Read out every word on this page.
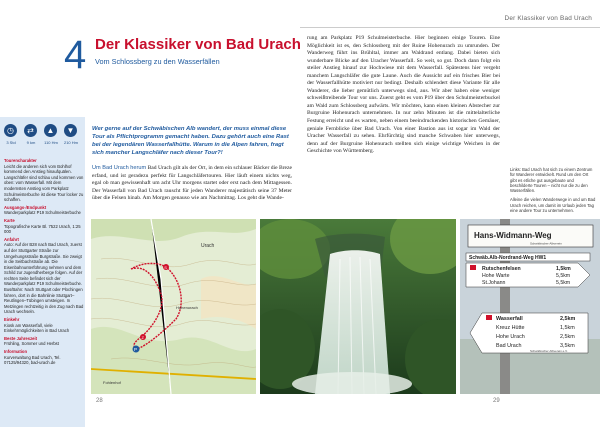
4 Der Klassiker von Bad Urach
Vom Schlossberg zu den Wasserfällen
◷
3 Std
⇄
9 km
▲
110 Hm
▼
210 Hm
Tourencharakter
Leicht die anderen sich vom Bohlhof kommend den Anstieg hinaufquälen. Langschläfer sind schlau und kommen von oben: vom Wasserfall. Mit dem modernsten Anstieg vom Parkplatz Schulmeisterbuche ist diese Tour locker zu schaffen.
Ausgangs-/Endpunkt
Wanderparkplatz P19 Schulmeisterbuche
Karte
Topografische Karte Bl. 7522 Urach, 1:25 000
Anfahrt
Auto: Auf der B28 nach Bad Urach, zuerst auf der Stuttgarter Straße zur Umgehungsstraße Burgstraße. Sie zweigt in die Seitbachstraße ab. Die Eisenbahnunterführung nehmen und dem Schild zur Jugendherberge folgen. Auf der rechten Seite befindet sich der Wanderparkplatz P19 Schulmeisterbuche. Bus/Bahn: Nach Stuttgart oder Plochingen fahren, dort in die Bahnlinie Stuttgart–Reutlingen–Tübingen umsteigen. In Metzingen rechtzeitig in den Zug nach Bad Urach wechseln.
Einkehr
Kiosk am Wasserfall, viele Einkehrmöglichkeiten in Bad Urach
Beste Jahreszeit
Frühling, Sommer und Herbst
Information
Kurverwaltung Bad Urach, Tel. 07125/94320, bad-urach.de
Wer gerne auf der Schwäbischen Alb wandert, der muss einmal diese Tour als Pflichtprogramm gemacht haben. Dazu gehört auch eine Rast bei der legendären Wasserfallhütte. Warum in die Alpen fahren, fragt sich mancher Langschläfer nach dieser Tour?!
Um Bad Urach herum Bad Urach gilt als der Ort, in dem ein schlauer Bäcker die Breze erfand, und ist geradezu perfekt für Langschläfertouren. Hier läuft einem nichts weg, egal ob man gewissenhaft um acht Uhr morgens startet oder erst nach dem Mittagessen. Der Wasserfall von Bad Urach rauscht für jeden Wanderer majestätisch seine 37 Meter über die Felsen hinab. Am Morgen genauso wie am Nachmittag. Los geht die Wande-
28
Der Klassiker von Bad Urach
rung am Parkplatz P19 Schulmeisterbuche. Hier beginnen einige Touren. Eine Möglichkeit ist es, den Schlossberg mit der Ruine Hohenurach zu umrunden. Der Wanderweg führt ins Brühltal, immer am Waldrand entlang. Dabei bieten sich wunderbare Blicke auf den Uracher Wasserfall. So weit, so gut. Doch dann folgt ein steiler Anstieg hinauf zur Hochwiese mit dem Wasserfall. Spätestens hier vergeht manchem Langschläfer die gute Laune. Auch die Aussicht auf ein frisches Bier bei der Wasserfallhütte motiviert nur bedingt. Deshalb schlendert diese Variante für alle Wanderer, die lieber gemütlich unterwegs sind, aus. Wir aber haben eine weniger schweißtreibende Tour vor uns. Zuerst geht es vom P19 über den Schulmeisterbuckel am Wald zum Schlossberg aufwärts. Wir möchten, kann einen kleinen Abstecher zur Burgruine Hohenurach unternehmen. In nur zehn Minuten ist die mittelalterliche Festung erreicht und es warten, neben einem beeindruckenden historischen Gemäuer, geniale Fernblicke über Bad Urach. Von einer Bastion aus ist sogar im Wald der Uracher Wasserfall zu sehen. Ehrfürchtig sind manche Schwaben hier unterwegs, denn auf der Burgruine Hohenurach stellten sich einige wichtige Weichen in der Geschichte von Württemberg.
Links: Bad Urach hat sich zu einem Zentrum für Wanderer entwickelt. Rund um den Ort gibt es etliche gut ausgebaute und beschilderte Touren – nicht nur die zu den Wasserfällen.
Alleine die vielen Wanderwege in und um Bad Urach reichen, um damit im Urlaub jeden Tag eine andere Tour zu unternehmen.
29
P
S
Z
Urach
Hohenurach
Fohlenhof
Hans-Widmann-Weg
Schwäbischer Albverein
Schwäb.Alb-Nordrand-Weg HW1
Rutschenfelsen	1,5km
Hohe Warte	5,5km
St.Johann	5,5km
Wasserfall	2,5km
Kreuz Hütte	1,5km
Hohe Urach	2,5km
Bad Urach	3,5km
Schwäbischer Albverein e.V.
